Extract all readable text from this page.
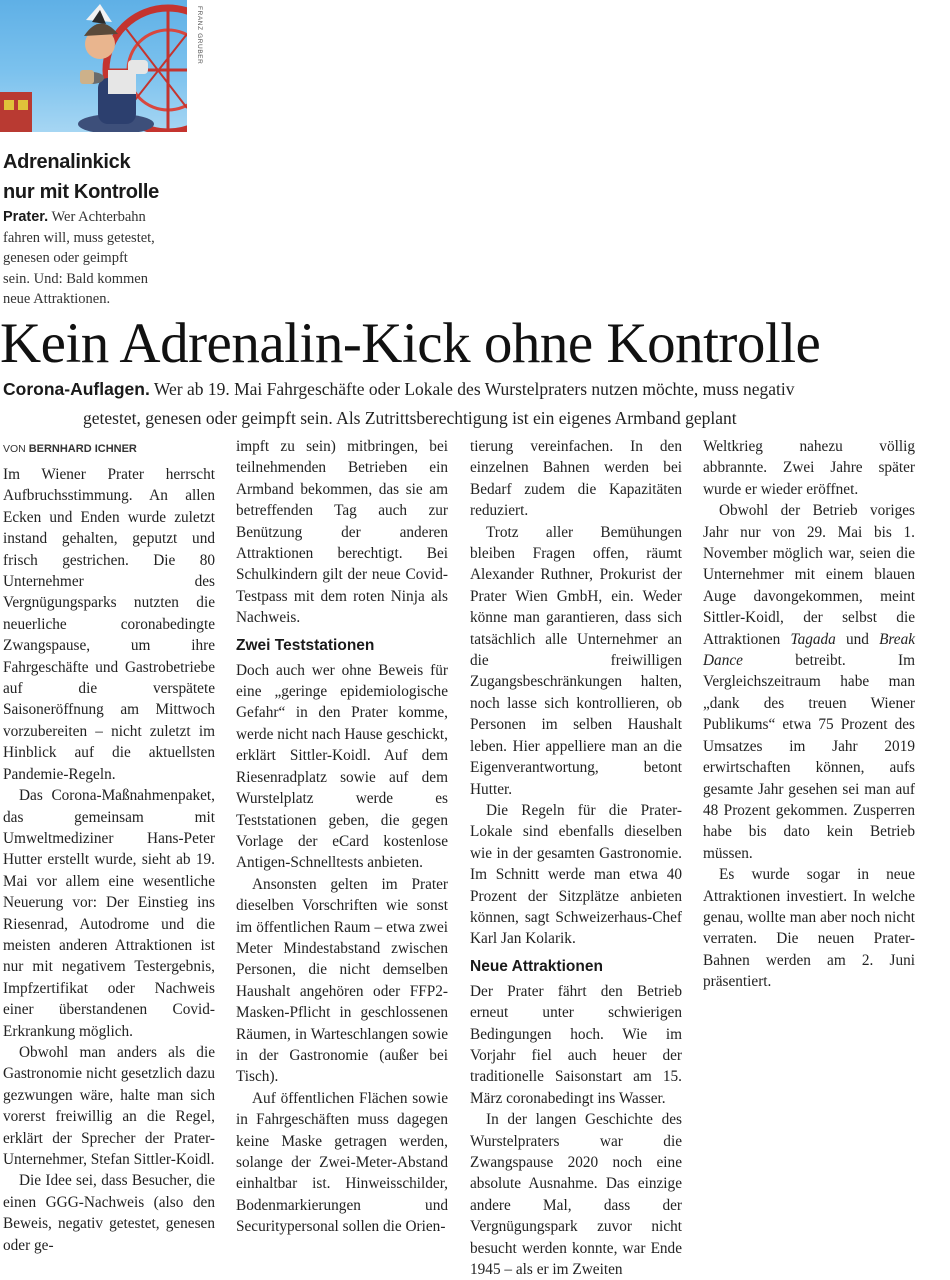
FRANZ GRUBER
Adrenalinkick
nur mit Kontrolle
Prater. Wer Achterbahn
fahren will, muss getestet,
genesen oder geimpft
sein. Und: Bald kommen
neue Attraktionen.
Kein Adrenalin-Kick ohne Kontrolle
Corona-Auflagen. Wer ab 19. Mai Fahrgeschäfte oder Lokale des Wurstelpraters nutzen möchte, muss negativ
getestet, genesen oder geimpft sein. Als Zutrittsberechtigung ist ein eigenes Armband geplant
VON BERNHARD ICHNER

Im Wiener Prater herrscht Aufbruchsstimmung. An allen Ecken und Enden wurde zuletzt instand gehalten, geputzt und frisch gestrichen. Die 80 Unternehmer des Vergnügungsparks nutzten die neuerliche coronabedingte Zwangspause, um ihre Fahrgeschäfte und Gastrobetriebe auf die verspätete Saisoneröffnung am Mittwoch vorzubereiten – nicht zuletzt im Hinblick auf die aktuellsten Pandemie-Regeln.

Das Corona-Maßnahmenpaket, das gemeinsam mit Umweltmediziner Hans-Peter Hutter erstellt wurde, sieht ab 19. Mai vor allem eine wesentliche Neuerung vor: Der Einstieg ins Riesenrad, Autodrome und die meisten anderen Attraktionen ist nur mit negativem Testergebnis, Impfzertifikat oder Nachweis einer überstandenen Covid-Erkrankung möglich.

Obwohl man anders als die Gastronomie nicht gesetzlich dazu gezwungen wäre, halte man sich vorerst freiwillig an die Regel, erklärt der Sprecher der Prater-Unternehmer, Stefan Sittler-Koidl.

Die Idee sei, dass Besucher, die einen GGG-Nachweis (also den Beweis, negativ getestet, genesen oder ge-

impft zu sein) mitbringen, bei teilnehmenden Betrieben ein Armband bekommen, das sie am betreffenden Tag auch zur Benützung der anderen Attraktionen berechtigt. Bei Schulkindern gilt der neue Covid-Testpass mit dem roten Ninja als Nachweis.

Zwei Teststationen

Doch auch wer ohne Beweis für eine „geringe epidemiologische Gefahr“ in den Prater komme, werde nicht nach Hause geschickt, erklärt Sittler-Koidl. Auf dem Riesenradplatz sowie auf dem Wurstelplatz werde es Teststationen geben, die gegen Vorlage der eCard kostenlose Antigen-Schnelltests anbieten.

Ansonsten gelten im Prater dieselben Vorschriften wie sonst im öffentlichen Raum – etwa zwei Meter Mindestabstand zwischen Personen, die nicht demselben Haushalt angehören oder FFP2-Masken-Pflicht in geschlossenen Räumen, in Warteschlangen sowie in der Gastronomie (außer bei Tisch).

Auf öffentlichen Flächen sowie in Fahrgeschäften muss dagegen keine Maske getragen werden, solange der Zwei-Meter-Abstand einhaltbar ist. Hinweisschilder, Bodenmarkierungen und Securitypersonal sollen die Orien-

tierung vereinfachen. In den einzelnen Bahnen werden bei Bedarf zudem die Kapazitäten reduziert.

Trotz aller Bemühungen bleiben Fragen offen, räumt Alexander Ruthner, Prokurist der Prater Wien GmbH, ein. Weder könne man garantieren, dass sich tatsächlich alle Unternehmer an die freiwilligen Zugangsbeschränkungen halten, noch lasse sich kontrollieren, ob Personen im selben Haushalt leben. Hier appelliere man an die Eigenverantwortung, betont Hutter.

Die Regeln für die Prater-Lokale sind ebenfalls dieselben wie in der gesamten Gastronomie. Im Schnitt werde man etwa 40 Prozent der Sitzplätze anbieten können, sagt Schweizerhaus-Chef Karl Jan Kolarik.

Neue Attraktionen

Der Prater fährt den Betrieb erneut unter schwierigen Bedingungen hoch. Wie im Vorjahr fiel auch heuer der traditionelle Saisonstart am 15. März coronabedingt ins Wasser.

In der langen Geschichte des Wurstelpraters war die Zwangspause 2020 noch eine absolute Ausnahme. Das einzige andere Mal, dass der Vergnügungspark zuvor nicht besucht werden konnte, war Ende 1945 – als er im Zweiten

Weltkrieg nahezu völlig abbrannte. Zwei Jahre später wurde er wieder eröffnet.

Obwohl der Betrieb voriges Jahr nur von 29. Mai bis 1. November möglich war, seien die Unternehmer mit einem blauen Auge davongekommen, meint Sittler-Koidl, der selbst die Attraktionen Tagada und Break Dance	betreibt. Im Vergleichszeitraum habe man „dank des treuen Wiener Publikums“ etwa 75 Prozent des Umsatzes im Jahr 2019 erwirtschaften können, aufs gesamte Jahr gesehen sei man auf 48 Prozent gekommen. Zusperren habe bis dato kein Betrieb müssen.

Es wurde sogar in neue Attraktionen investiert. In welche genau, wollte man aber noch nicht verraten. Die neuen Prater-Bahnen werden am 2. Juni präsentiert.
